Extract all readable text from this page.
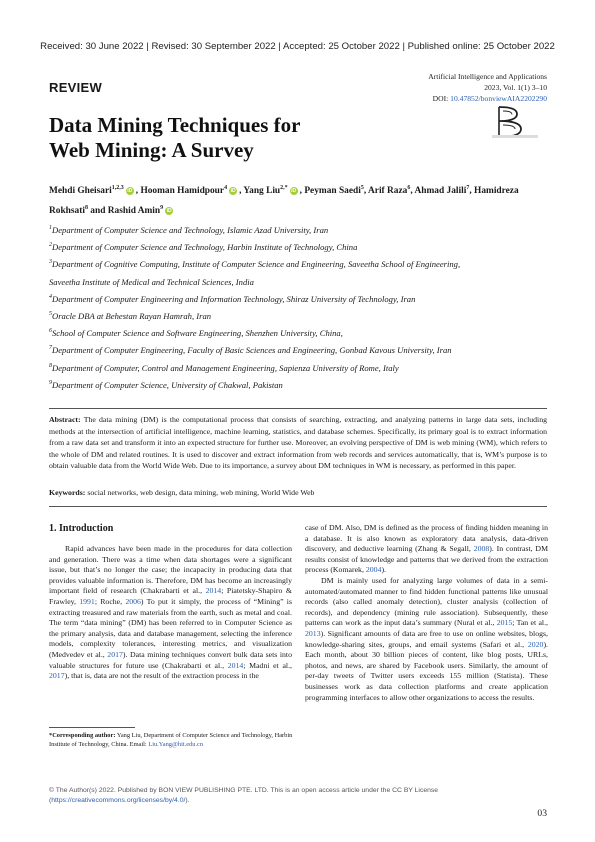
Received: 30 June 2022 | Revised: 30 September 2022 | Accepted: 25 October 2022 | Published online: 25 October 2022
REVIEW
Artificial Intelligence and Applications
2023, Vol. 1(1) 3–10
DOI: 10.47852/bonviewAIA2202290
Data Mining Techniques for
Web Mining: A Survey
Mehdi Gheisari$^{1,2,3}$ iD , Hooman Hamidpour$^4$ iD , Yang Liu$^{2,*}$ iD , Peyman Saedi$^5$, Arif Raza$^6$, Ahmad Jalili$^7$, Hamidreza Rokhsati$^8$ and Rashid Amin$^9$ iD
$^1$Department of Computer Science and Technology, Islamic Azad University, Iran
$^2$Department of Computer Science and Technology, Harbin Institute of Technology, China
$^3$Department of Cognitive Computing, Institute of Computer Science and Engineering, Saveetha School of Engineering,
Saveetha Institute of Medical and Technical Sciences, India
$^4$Department of Computer Engineering and Information Technology, Shiraz University of Technology, Iran
$^5$Oracle DBA at Behestan Rayan Hamrah, Iran
$^6$School of Computer Science and Software Engineering, Shenzhen University, China,
$^7$Department of Computer Engineering, Faculty of Basic Sciences and Engineering, Gonbad Kavous University, Iran
$^8$Department of Computer, Control and Management Engineering, Sapienza University of Rome, Italy
$^9$Department of Computer Science, University of Chakwal, Pakistan
Abstract: The data mining (DM) is the computational process that consists of searching, extracting, and analyzing patterns in large data sets, including methods at the intersection of artificial intelligence, machine learning, statistics, and database schemes. Specifically, its primary goal is to extract information from a raw data set and transform it into an expected structure for further use. Moreover, an evolving perspective of DM is web mining (WM), which refers to the whole of DM and related routines. It is used to discover and extract information from web records and services automatically, that is, WM’s purpose is to obtain valuable data from the World Wide Web. Due to its importance, a survey about DM techniques in WM is necessary, as performed in this paper.
Keywords: social networks, web design, data mining, web mining, World Wide Web
1. Introduction

Rapid advances have been made in the procedures for data collection and generation. There was a time when data shortages were a significant issue, but that’s no longer the case; the incapacity in producing data that provides valuable information is. Therefore, DM has become an increasingly important field of research (Chakrabarti et al., 2014; Piatetsky-Shapiro & Frawley, 1991; Roche, 2006) To put it simply, the process of “Mining” is extracting treasured and raw materials from the earth, such as metal and coal. The term “data mining” (DM) has been referred to in Computer Science as the primary analysis, data and database management, selecting the inference models, complexity tolerances, interesting metrics, and visualization (Medvedev et al., 2017). Data mining techniques convert bulk data sets into valuable structures for future use (Chakrabarti et al., 2014; Madni et al., 2017), that is, data are not the result of the extraction process in the

case of DM. Also, DM is defined as the process of finding hidden meaning in a database. It is also known as exploratory data analysis, data-driven discovery, and deductive learning (Zhang & Segall, 2008). In contrast, DM results consist of knowledge and patterns that we derived from the extraction process (Komarek, 2004).

DM is mainly used for analyzing large volumes of data in a semi-automated/automated manner to find hidden functional patterns like unusual records (also called anomaly detection), cluster analysis (collection of records), and dependency (mining rule association). Subsequently, these patterns can work as the input data’s summary (Nural et al., 2015; Tan et al., 2013). Significant amounts of data are free to use on online websites, blogs, knowledge-sharing sites, groups, and email systems (Safari et al., 2020). Each month, about 30 billion pieces of content, like blog posts, URLs, photos, and news, are shared by Facebook users. Similarly, the amount of per-day tweets of Twitter users exceeds 155 million (Statista). These businesses work as data collection platforms and create application programming interfaces to allow other organizations to access the results.

*Corresponding author: Yang Liu, Department of Computer Science and Technology, Harbin Institute of Technology, China. Email: Liu.Yang@hit.edu.cn
© The Author(s) 2022. Published by BON VIEW PUBLISHING PTE. LTD. This is an open access article under the CC BY License (https://creativecommons.org/licenses/by/4.0/).
03
